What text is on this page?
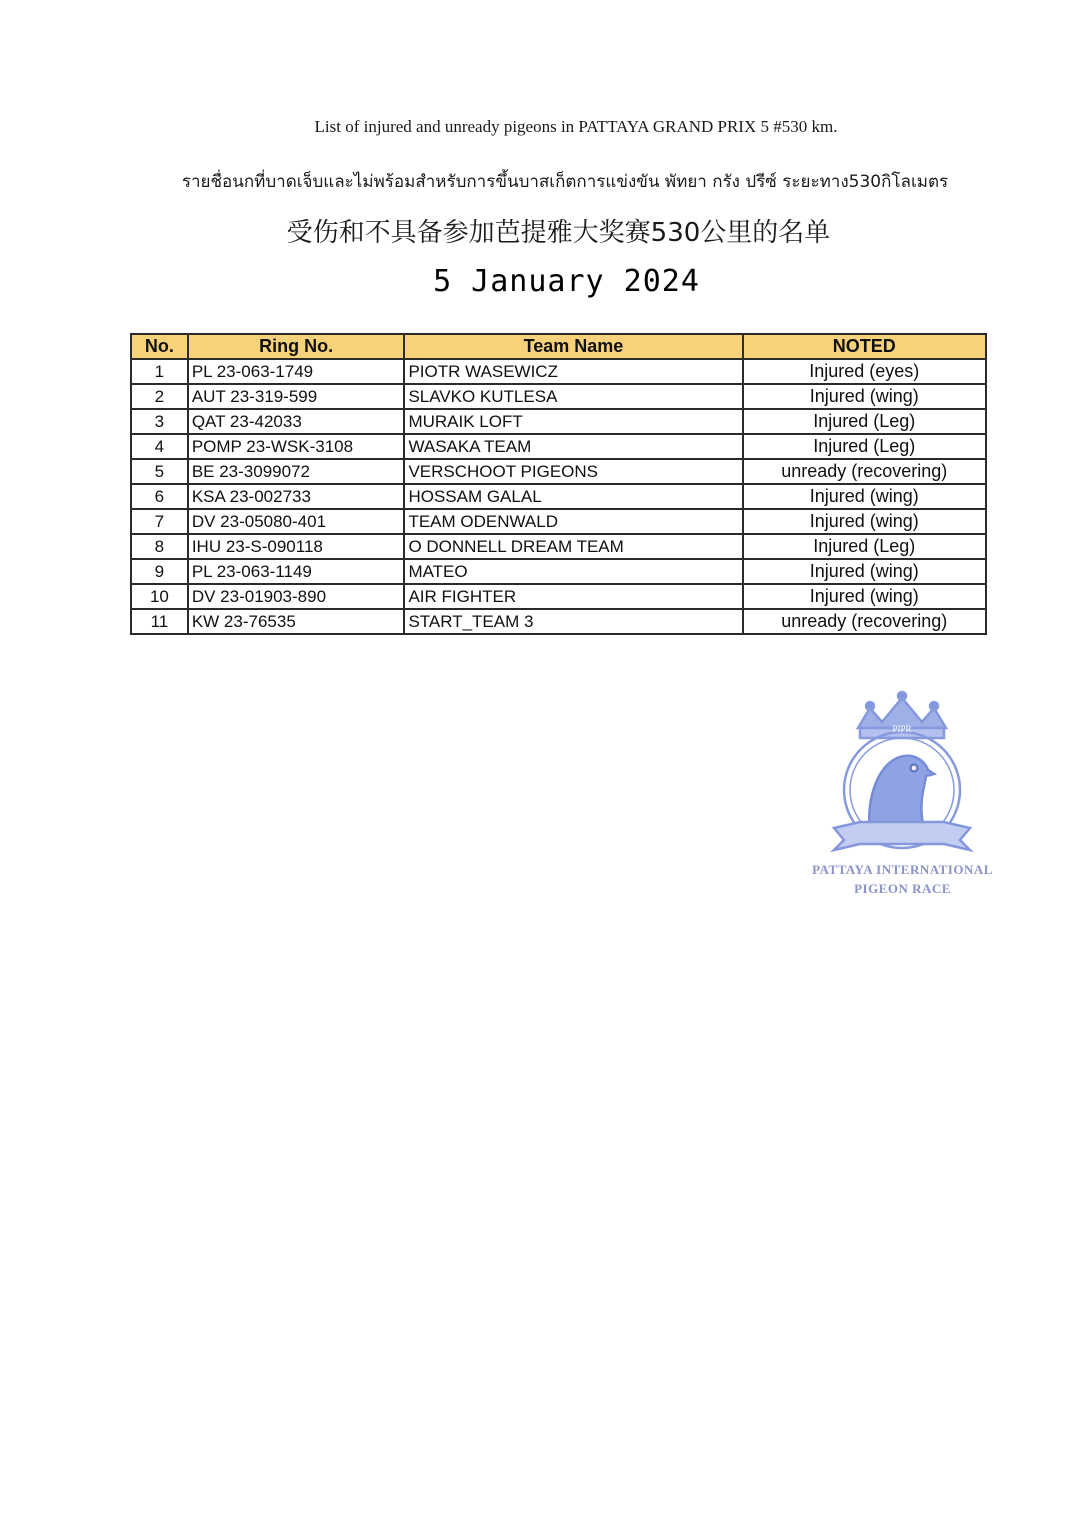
List of injured and unready pigeons in PATTAYA GRAND PRIX 5 #530 km.
รายชื่อนกที่บาดเจ็บและไม่พร้อมสำหรับการขึ้นบาสเก็ตการแข่งขัน พัทยา กรัง ปรีซ์ ระยะทาง530กิโลเมตร
受伤和不具备参加芭提雅大奖赛530公里的名单
5 January 2024
No.	Ring No.	Team Name	NOTED
1	PL 23-063-1749	PIOTR WASEWICZ	Injured (eyes)
2	AUT 23-319-599	SLAVKO KUTLESA	Injured (wing)
3	QAT 23-42033	MURAIK LOFT	Injured (Leg)
4	POMP 23-WSK-3108	WASAKA TEAM	Injured (Leg)
5	BE 23-3099072	VERSCHOOT PIGEONS	unready (recovering)
6	KSA 23-002733	HOSSAM GALAL	Injured (wing)
7	DV 23-05080-401	TEAM ODENWALD	Injured (wing)
8	IHU 23-S-090118	O DONNELL DREAM TEAM	Injured (Leg)
9	PL 23-063-1149	MATEO	Injured (wing)
10	DV 23-01903-890	AIR FIGHTER	Injured (wing)
11	KW 23-76535	START_TEAM 3	unready (recovering)
PIPR
PATTAYA INTERNATIONAL
PIGEON RACE
